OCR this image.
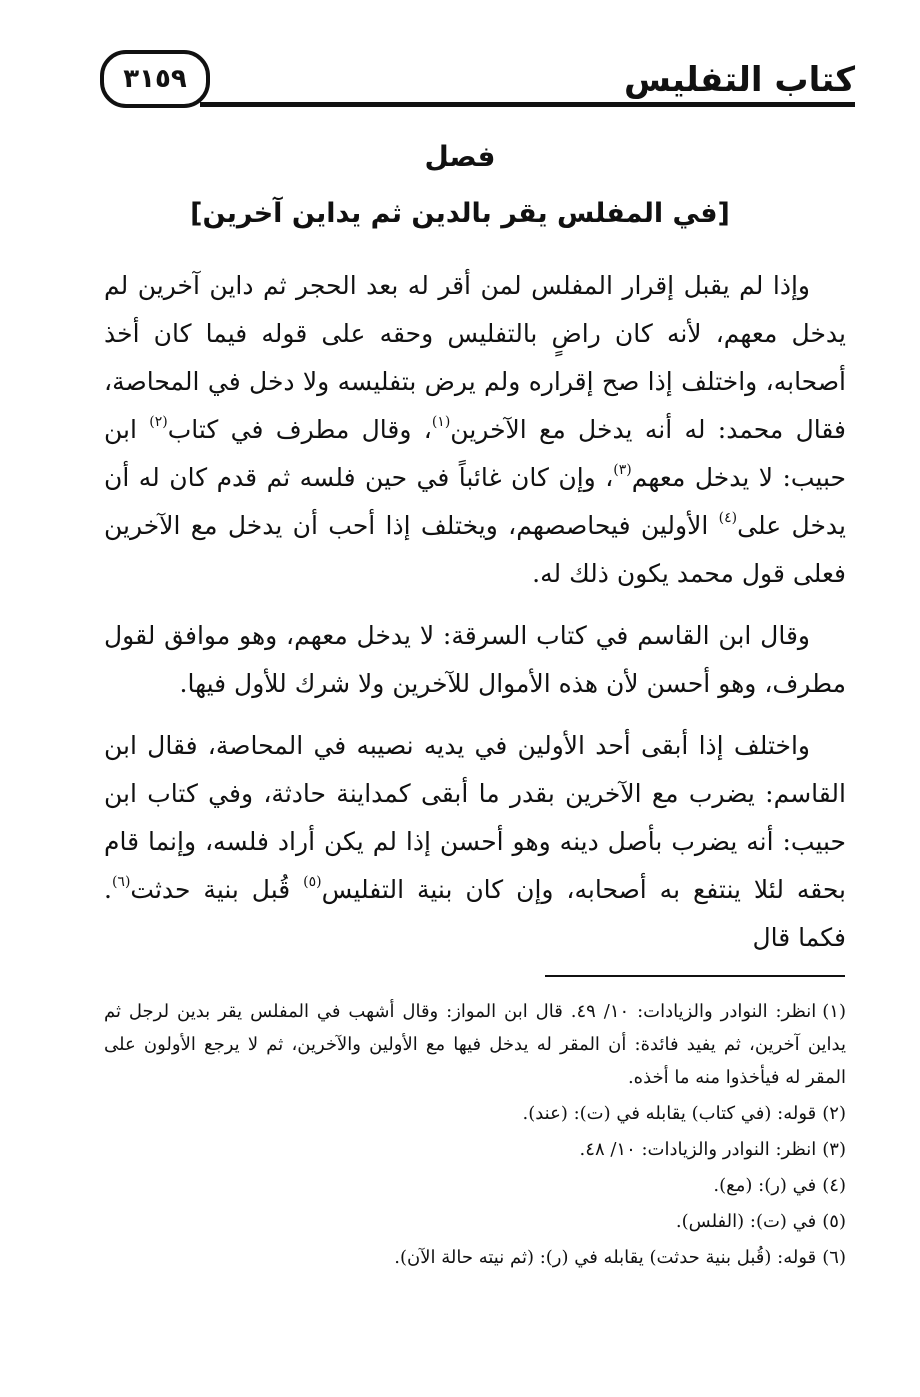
كتاب التفليس
٣١٥٩
فصل
[في المفلس يقر بالدين ثم يداين آخرين]

وإذا لم يقبل إقرار المفلس لمن أقر له بعد الحجر ثم داين آخرين لم يدخل معهم، لأنه كان راضٍ بالتفليس وحقه على قوله فيما كان أخذ أصحابه، واختلف إذا صح إقراره ولم يرض بتفليسه ولا دخل في المحاصة، فقال محمد: له أنه يدخل مع الآخرين$^{(١)}$، وقال مطرف في كتاب$^{(٢)}$ ابن حبيب: لا يدخل معهم$^{(٣)}$، وإن كان غائباً في حين فلسه ثم قدم كان له أن يدخل على$^{(٤)}$ الأولين فيحاصصهم، ويختلف إذا أحب أن يدخل مع الآخرين فعلى قول محمد يكون ذلك له.

وقال ابن القاسم في كتاب السرقة: لا يدخل معهم، وهو موافق لقول مطرف، وهو أحسن لأن هذه الأموال للآخرين ولا شرك للأول فيها.

واختلف إذا أبقى أحد الأولين في يديه نصيبه في المحاصة، فقال ابن القاسم: يضرب مع الآخرين بقدر ما أبقى كمداينة حادثة، وفي كتاب ابن حبيب: أنه يضرب بأصل دينه وهو أحسن إذا لم يكن أراد فلسه، وإنما قام بحقه لئلا ينتفع به أصحابه، وإن كان بنية التفليس$^{(٥)}$ قُبل بنية حدثت$^{(٦)}$. فكما قال

(١)انظر: النوادر والزيادات: ١٠/ ٤٩. قال ابن المواز: وقال أشهب في المفلس يقر بدين لرجل ثم يداين آخرين، ثم يفيد فائدة: أن المقر له يدخل فيها مع الأولين والآخرين، ثم لا يرجع الأولون على المقر له فيأخذوا منه ما أخذه.
(٢)قوله: (في كتاب) يقابله في (ت): (عند).
(٣)انظر: النوادر والزيادات: ١٠/ ٤٨.
(٤)في (ر): (مع).
(٥)في (ت): (الفلس).
(٦)قوله: (قُبل بنية حدثت) يقابله في (ر): (ثم نيته حالة الآن).
